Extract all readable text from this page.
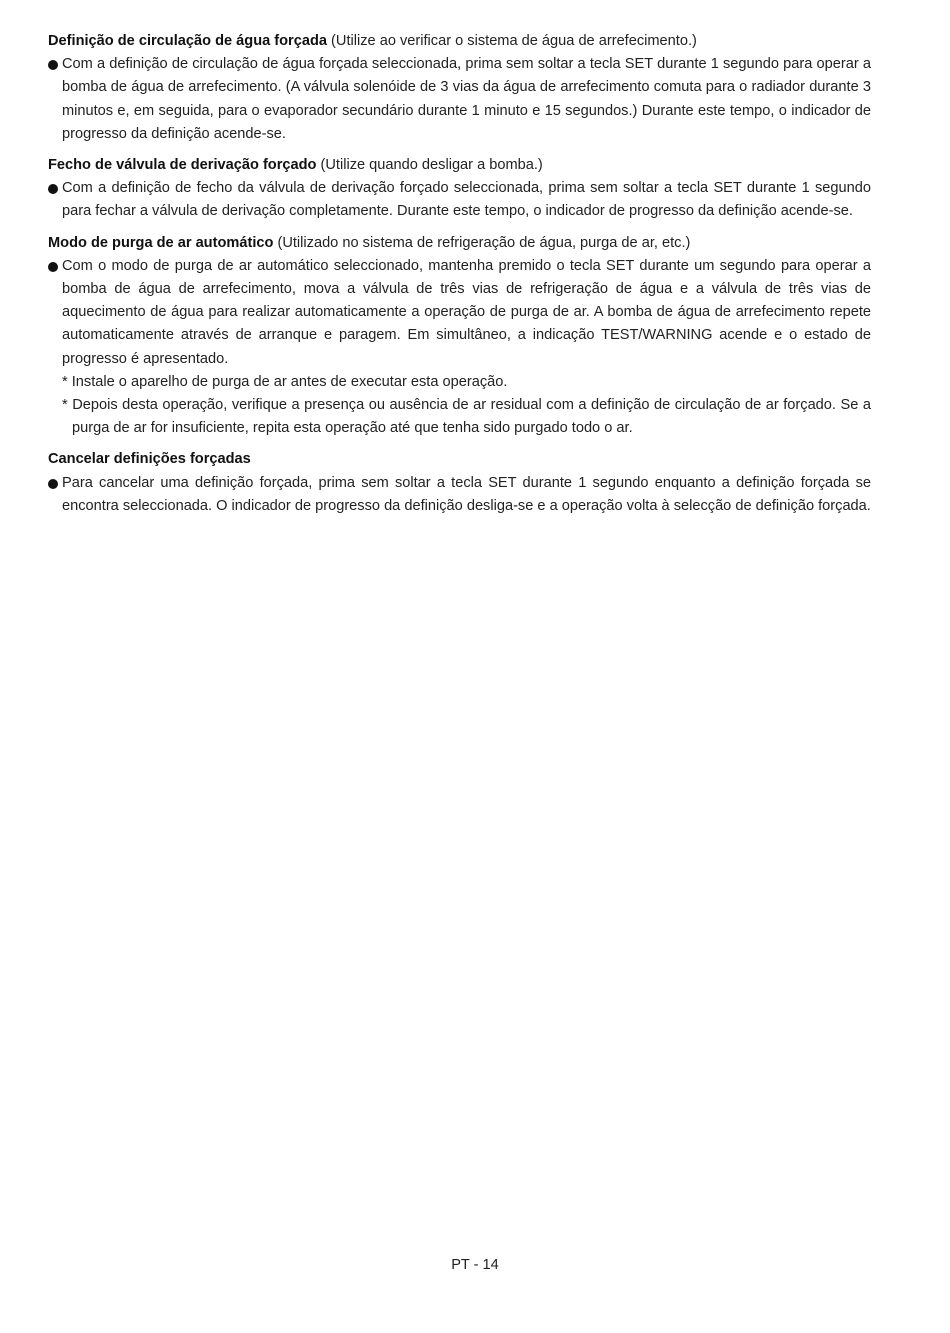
Definição de circulação de água forçada (Utilize ao verificar o sistema de água de arrefecimento.)

Com a definição de circulação de água forçada seleccionada, prima sem soltar a tecla SET durante 1 segundo para operar a bomba de água de arrefecimento. (A válvula solenóide de 3 vias da água de arrefecimento comuta para o radiador durante 3 minutos e, em seguida, para o evaporador secundário durante 1 minuto e 15 segundos.) Durante este tempo, o indicador de progresso da definição acende-se.

Fecho de válvula de derivação forçado (Utilize quando desligar a bomba.)

Com a definição de fecho da válvula de derivação forçado seleccionada, prima sem soltar a tecla SET durante 1 segundo para fechar a válvula de derivação completamente. Durante este tempo, o indicador de progresso da definição acende-se.

Modo de purga de ar automático (Utilizado no sistema de refrigeração de água, purga de ar, etc.)

Com o modo de purga de ar automático seleccionado, mantenha premido o tecla SET durante um segundo para operar a bomba de água de arrefecimento, mova a válvula de três vias de refrigeração de água e a válvula de três vias de aquecimento de água para realizar automaticamente a operação de purga de ar. A bomba de água de arrefecimento repete automaticamente através de arranque e paragem. Em simultâneo, a indicação TEST/WARNING acende e o estado de progresso é apresentado.

* Instale o aparelho de purga de ar antes de executar esta operação.

* Depois desta operação, verifique a presença ou ausência de ar residual com a definição de circulação de ar forçado. Se a purga de ar for insuficiente, repita esta operação até que tenha sido purgado todo o ar.

Cancelar definições forçadas

Para cancelar uma definição forçada, prima sem soltar a tecla SET durante 1 segundo enquanto a definição forçada se encontra seleccionada. O indicador de progresso da definição desliga-se e a operação volta à selecção de definição forçada.

PT - 14
